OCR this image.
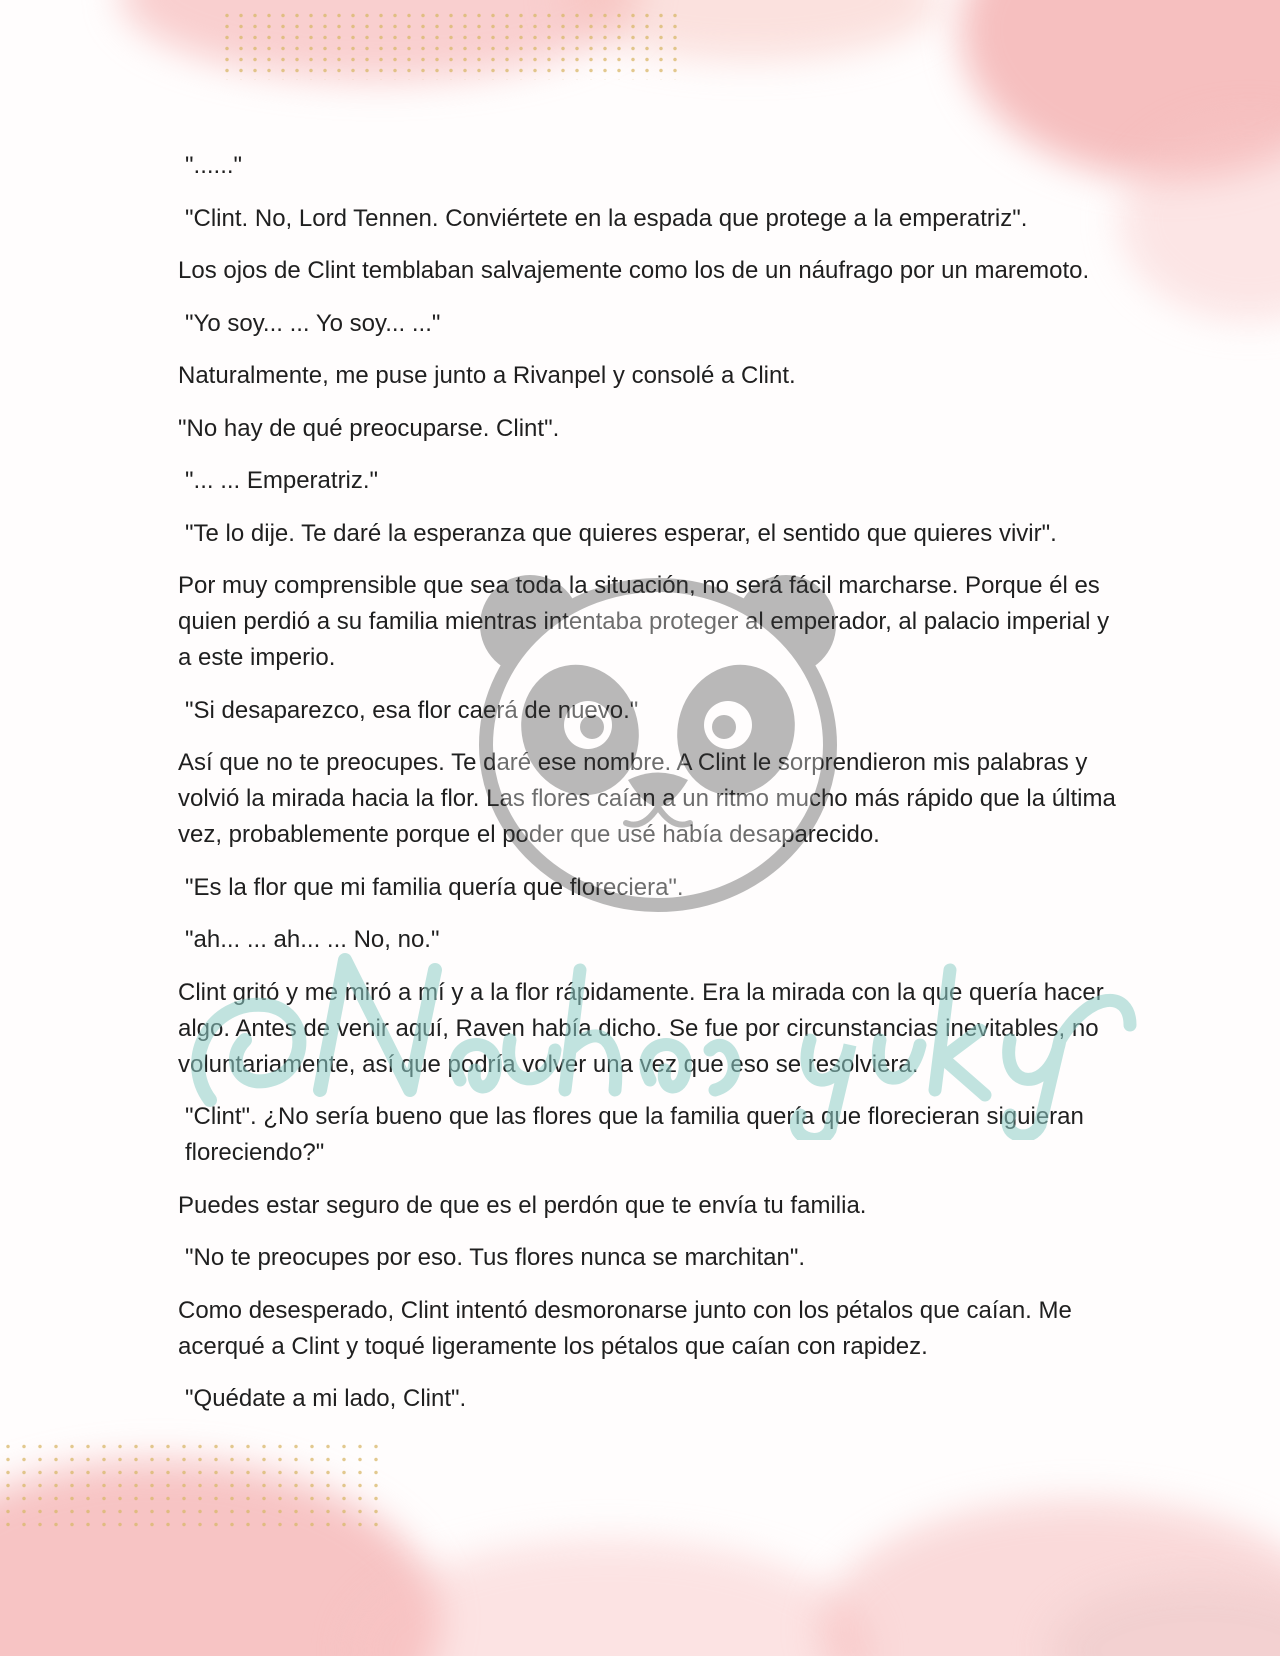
"......"

"Clint. No, Lord Tennen. Conviértete en la espada que protege a la emperatriz".

Los ojos de Clint temblaban salvajemente como los de un náufrago por un maremoto.

"Yo soy... ... Yo soy... ..."

Naturalmente, me puse junto a Rivanpel y consolé a Clint.

"No hay de qué preocuparse. Clint".

"... ... Emperatriz."

"Te lo dije. Te daré la esperanza que quieres esperar, el sentido que quieres vivir".

Por muy comprensible que sea toda la situación, no será fácil marcharse. Porque él es quien perdió a su familia mientras intentaba proteger al emperador, al palacio imperial y a este imperio.

"Si desaparezco, esa flor caerá de nuevo."

Así que no te preocupes. Te daré ese nombre. A Clint le sorprendieron mis palabras y volvió la mirada hacia la flor. Las flores caían a un ritmo mucho más rápido que la última vez, probablemente porque el poder que usé había desaparecido.

"Es la flor que mi familia quería que floreciera".

"ah... ... ah... ... No, no."

Clint gritó y me miró a mí y a la flor rápidamente. Era la mirada con la que quería hacer algo. Antes de venir aquí, Raven había dicho. Se fue por circunstancias inevitables, no voluntariamente, así que podría volver una vez que eso se resolviera.

"Clint". ¿No sería bueno que las flores que la familia quería que florecieran siguieran floreciendo?"

Puedes estar seguro de que es el perdón que te envía tu familia.

"No te preocupes por eso. Tus flores nunca se marchitan".

Como desesperado, Clint intentó desmoronarse junto con los pétalos que caían. Me acerqué a Clint y toqué ligeramente los pétalos que caían con rapidez.

"Quédate a mi lado, Clint".
